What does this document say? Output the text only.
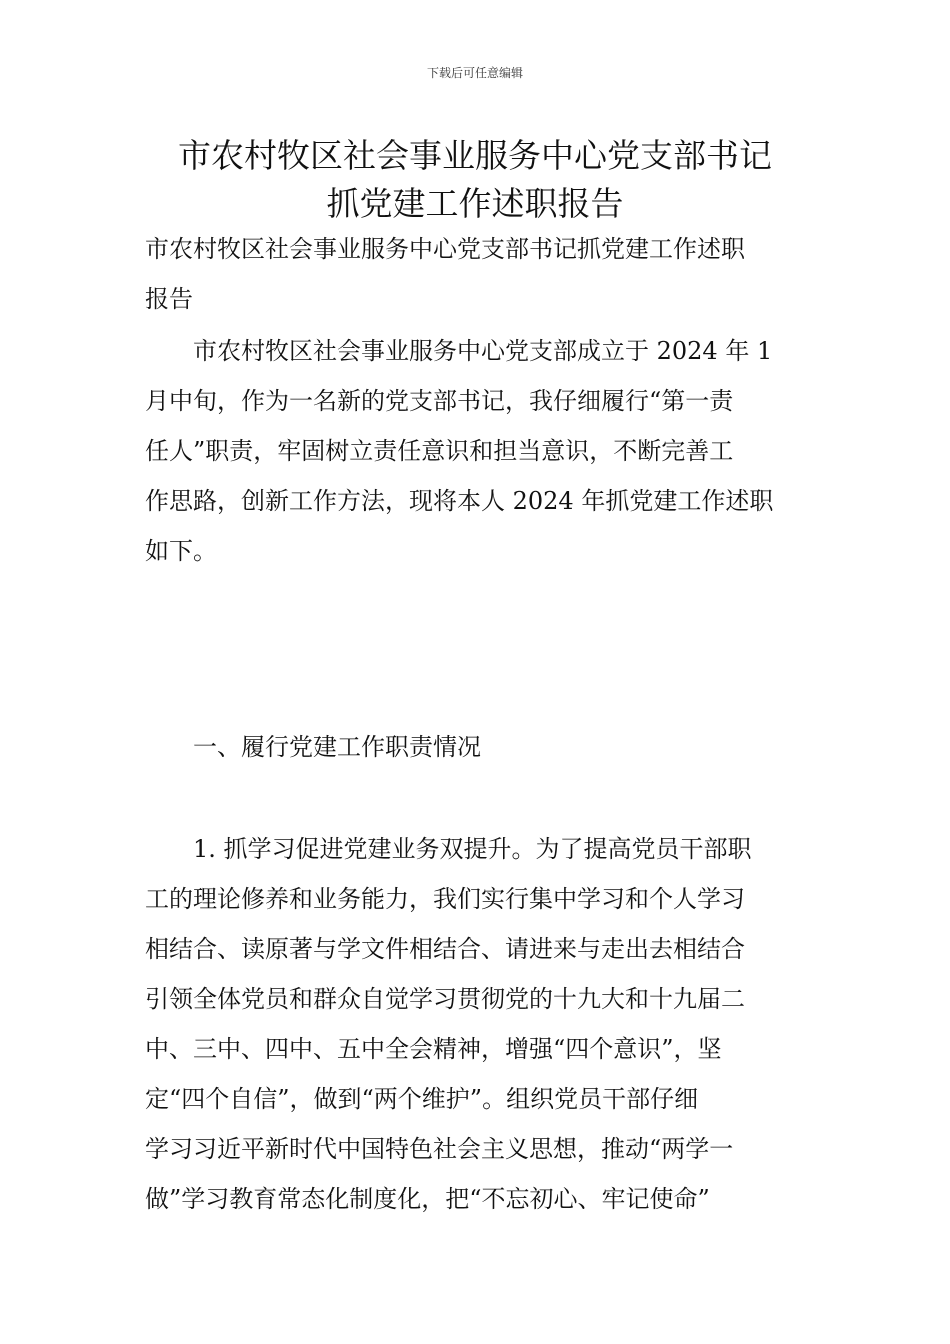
下载后可任意编辑
市农村牧区社会事业服务中心党支部书记
抓党建工作述职报告
市农村牧区社会事业服务中心党支部书记抓党建工作述职
报告
　　市农村牧区社会事业服务中心党支部成立于 2024 年 1
月中旬，作为一名新的党支部书记，我仔细履行“第一责
任人”职责，牢固树立责任意识和担当意识，不断完善工
作思路，创新工作方法，现将本人 2024 年抓党建工作述职
如下。
　　一、履行党建工作职责情况
　　1. 抓学习促进党建业务双提升。为了提高党员干部职
工的理论修养和业务能力，我们实行集中学习和个人学习
相结合、读原著与学文件相结合、请进来与走出去相结合
引领全体党员和群众自觉学习贯彻党的十九大和十九届二
中、三中、四中、五中全会精神，增强“四个意识”，坚
定“四个自信”，做到“两个维护”。组织党员干部仔细
学习习近平新时代中国特色社会主义思想，推动“两学一
做”学习教育常态化制度化，把“不忘初心、牢记使命”
